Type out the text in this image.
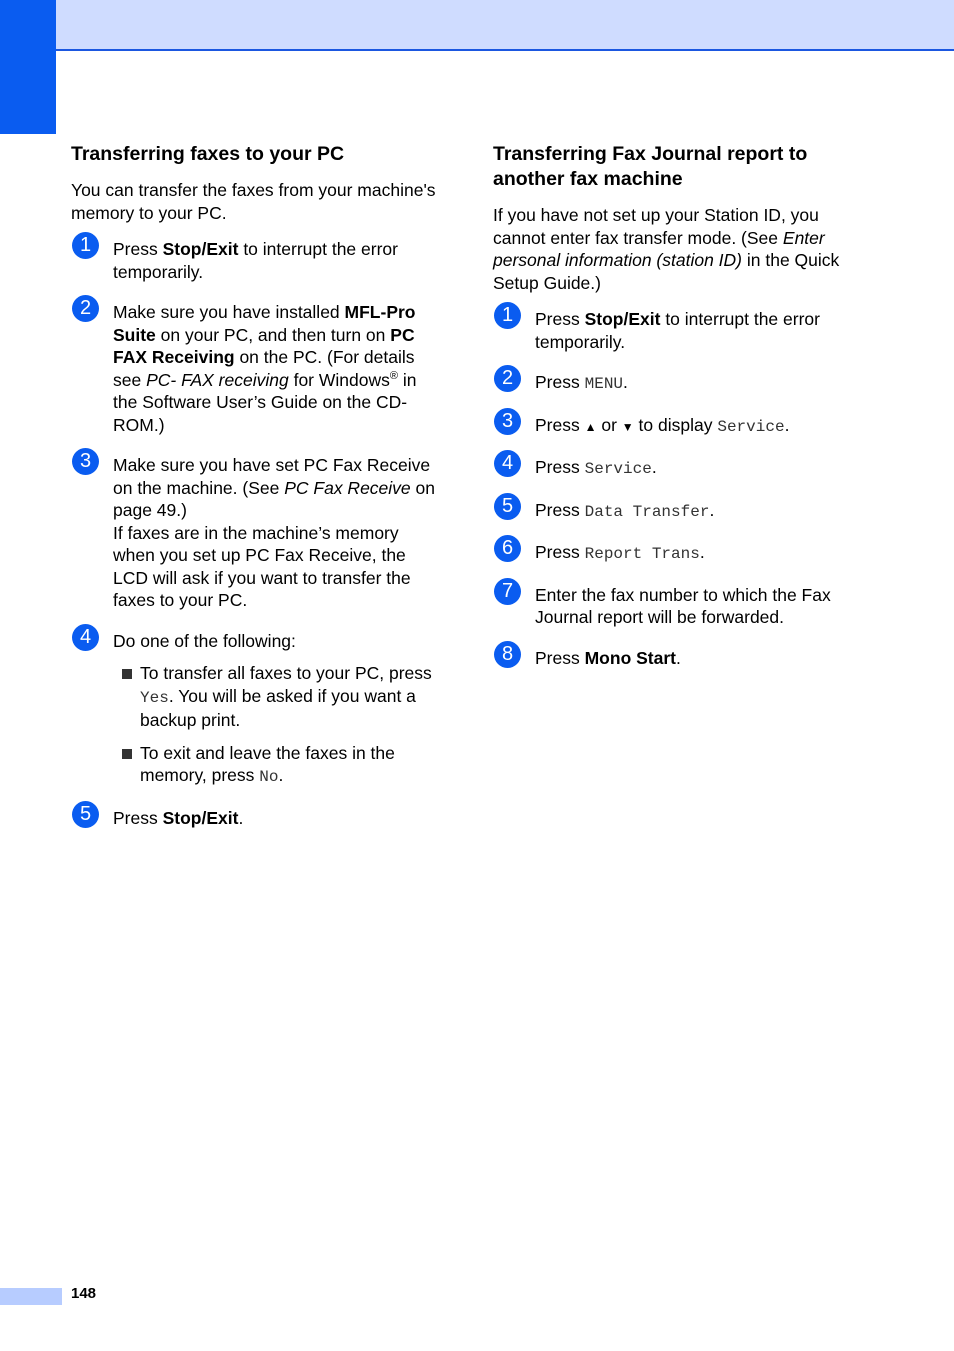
Transferring faxes to your PC

You can transfer the faxes from your machine's memory to your PC.

1	Press Stop/Exit to interrupt the error temporarily.
2	Make sure you have installed MFL-Pro Suite on your PC, and then turn on PC FAX Receiving on the PC. (For details see PC- FAX receiving for Windows® in the Software User’s Guide on the CD-ROM.)
3	Make sure you have set PC Fax Receive on the machine. (See PC Fax Receive on page 49.)
If faxes are in the machine’s memory when you set up PC Fax Receive, the LCD will ask if you want to transfer the faxes to your PC.
4	Do one of the following:
To transfer all faxes to your PC, press Yes. You will be asked if you want a backup print.
To exit and leave the faxes in the memory, press No.
5	Press Stop/Exit.
Transferring Fax Journal report to another fax machine

If you have not set up your Station ID, you cannot enter fax transfer mode. (See Enter personal information (station ID) in the Quick Setup Guide.)

1	Press Stop/Exit to interrupt the error temporarily.
2	Press MENU.
3	Press ▲ or ▼ to display Service.
4	Press Service.
5	Press Data Transfer.
6	Press Report Trans.
7	Enter the fax number to which the Fax Journal report will be forwarded.
8	Press Mono Start.
148
